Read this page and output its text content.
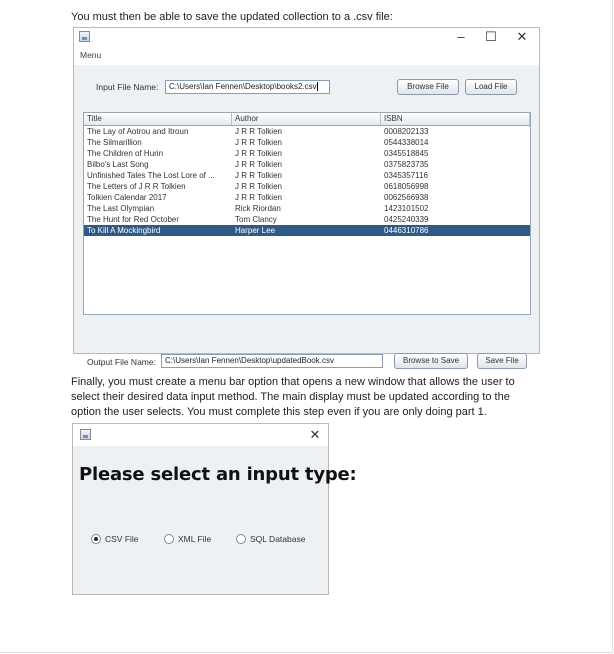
You must then be able to save the updated collection to a .csv file:
–	☐ ✕
Menu
Input File Name:	C:\Users\Ian Fennen\Desktop\books2.csv	Browse File	Load File
Title	Author	ISBN
The Lay of Aotrou and Itroun	J R R Tolkien	0008202133
The Silmarillion	J R R Tolkien	0544338014
The Children of Hurin	J R R Tolkien	0345518845
Bilbo's Last Song	J R R Tolkien	0375823735
Unfinished Tales The Lost Lore of ...	J R R Tolkien	0345357116
The Letters of J R R Tolkien	J R R Tolkien	0618056998
Tolkien Calendar 2017	J R R Tolkien	0062566938
The Last Olympian	Rick Riordan	1423101502
The Hunt for Red October	Tom Clancy	0425240339
To Kill A Mockingbird	Harper Lee	0446310786
Output File Name:	C:\Users\Ian Fennen\Desktop\updatedBook.csv	Browse to Save	Save File
Finally, you must create a menu bar option that opens a new window that allows the user to select their desired data input method. The main display must be updated according to the option the user selects. You must complete this step even if you are only doing part 1.
✕
Please select an input type:
CSV File	XML File	SQL Database
